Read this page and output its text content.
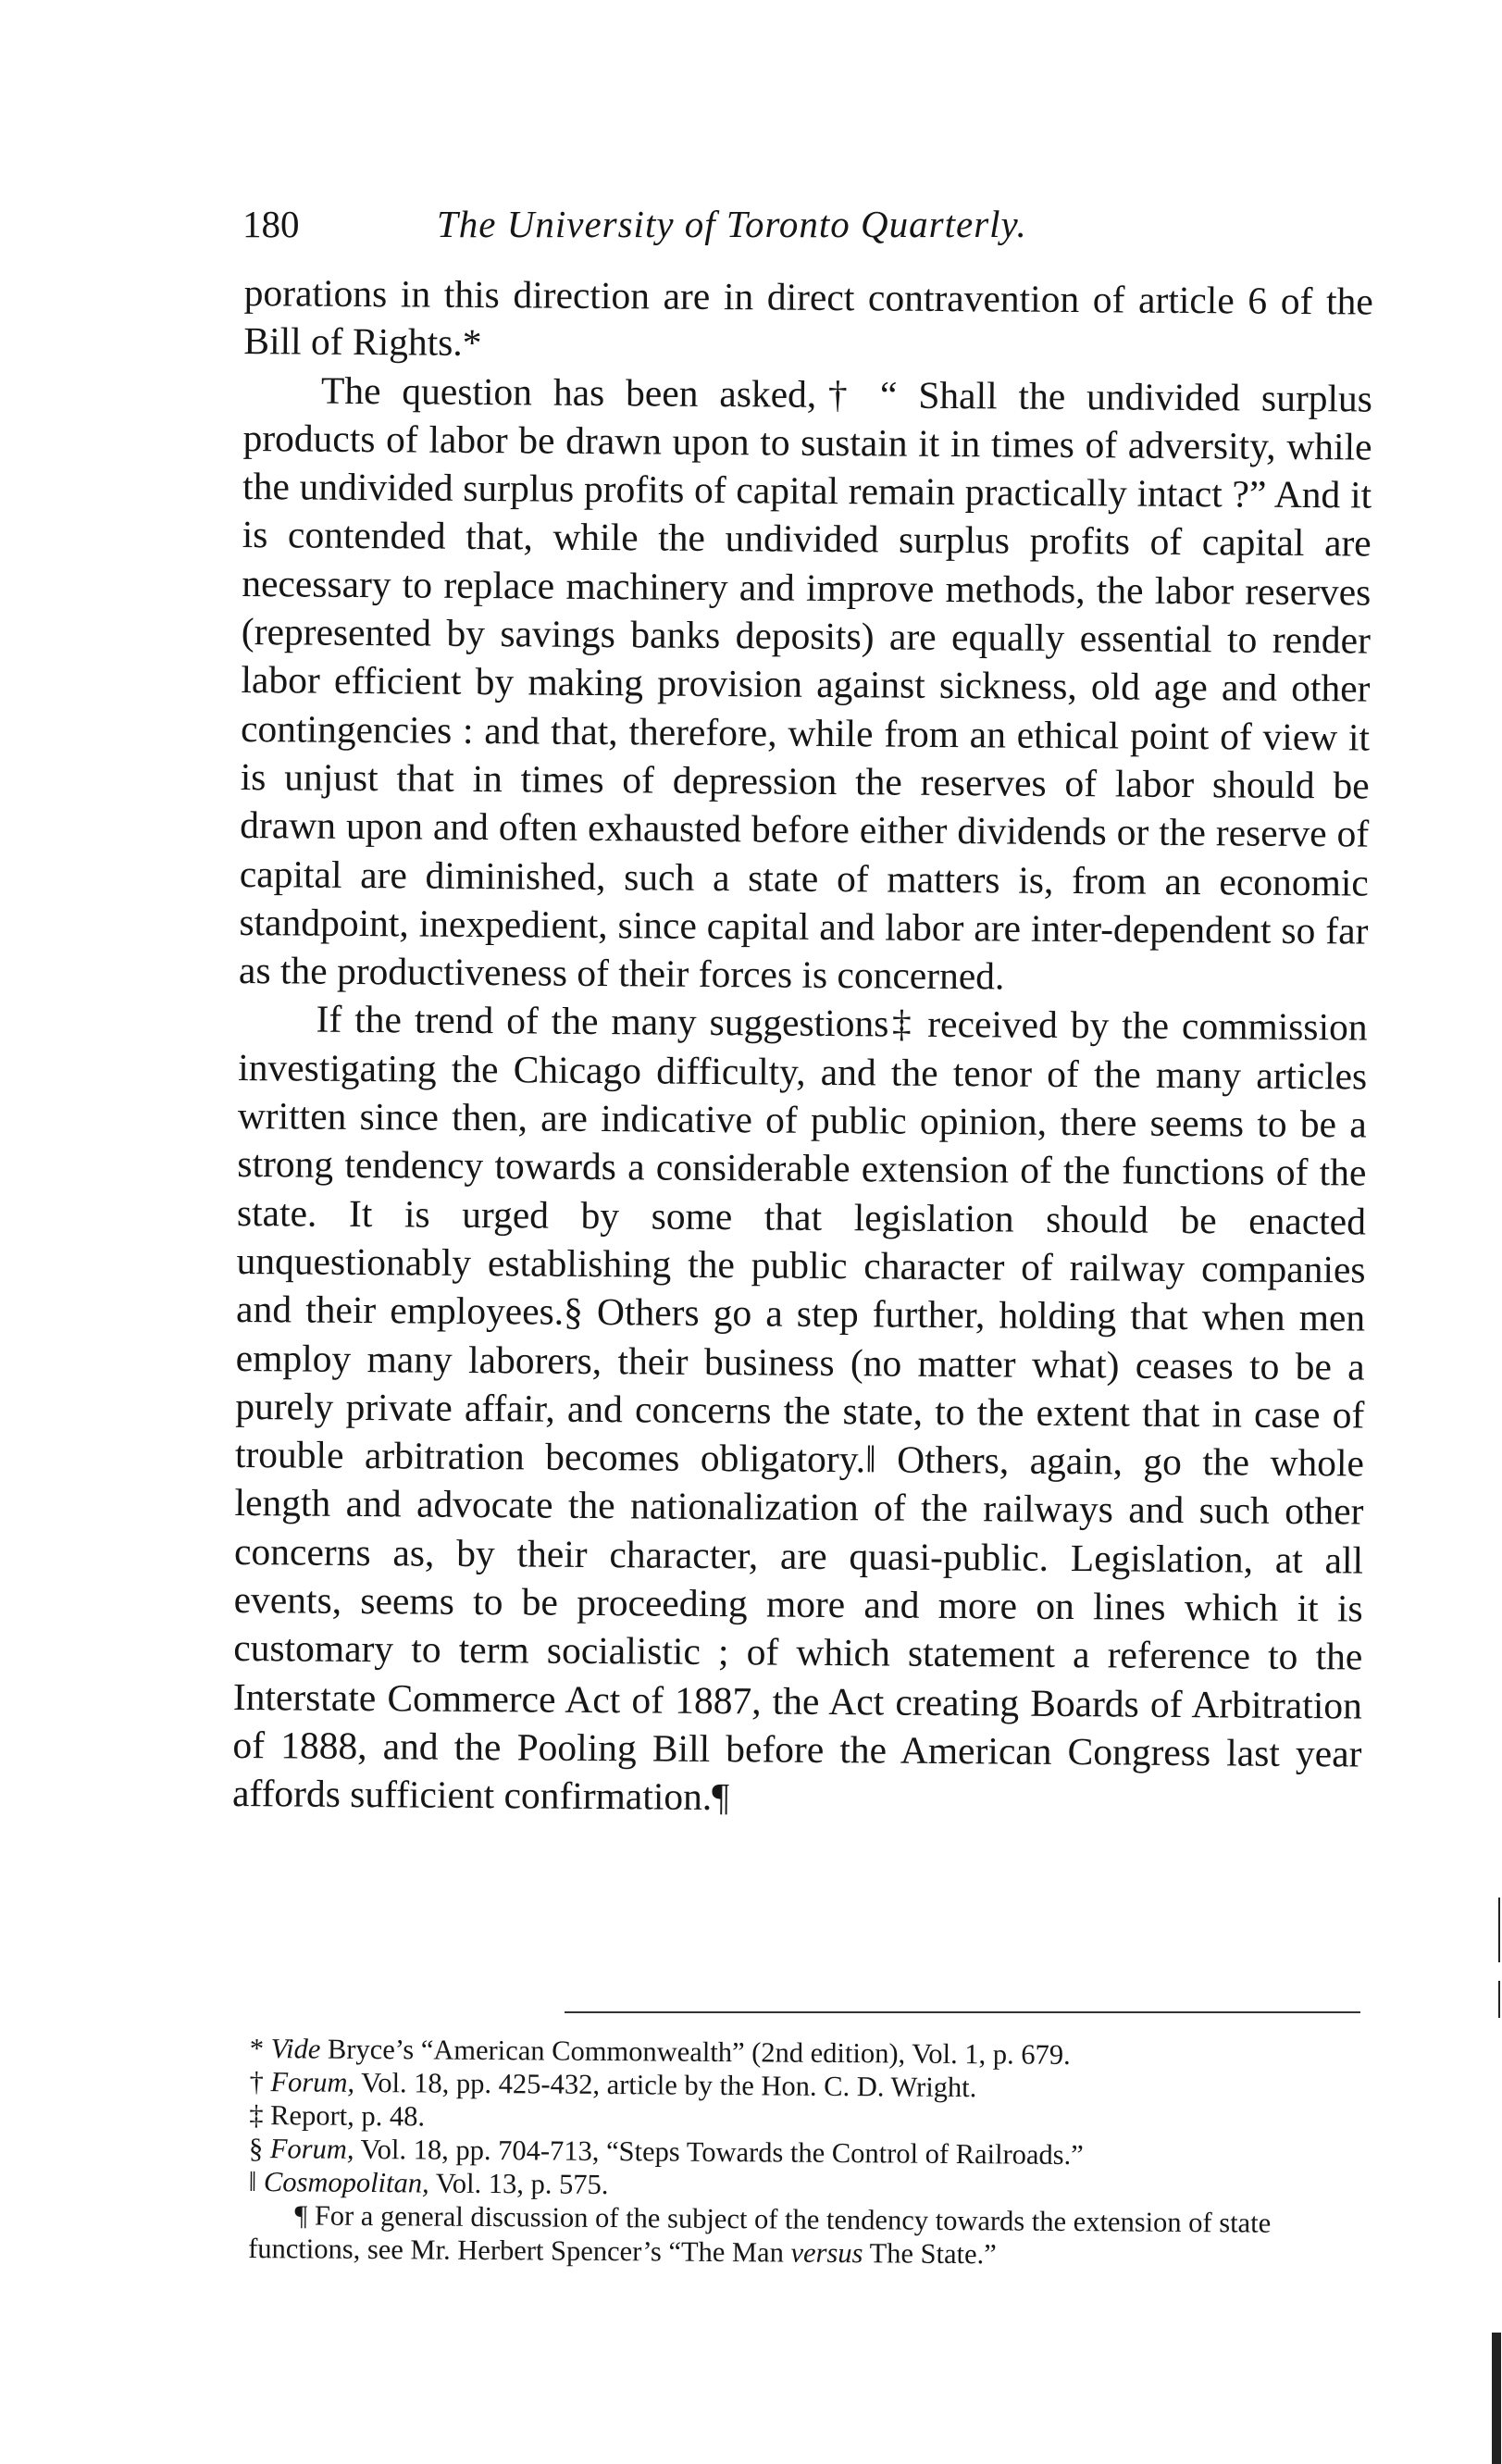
180	The University of Toronto Quarterly.

porations in this direction are in direct contravention of article 6 of the Bill of Rights.*

The question has been asked,† “ Shall the undivided surplus products of labor be drawn upon to sustain it in times of adversity, while the undivided surplus profits of capital remain practically intact ?” And it is contended that, while the undivided surplus profits of capital are necessary to replace machinery and improve methods, the labor reserves (represented by savings banks deposits) are equally essential to render labor efficient by making provision against sickness, old age and other contingencies : and that, therefore, while from an ethical point of view it is unjust that in times of depression the reserves of labor should be drawn upon and often exhausted before either dividends or the reserve of capital are diminished, such a state of matters is, from an economic standpoint, inexpedient, since capital and labor are inter-dependent so far as the productiveness of their forces is concerned.

If the trend of the many suggestions‡ received by the commission investigating the Chicago difficulty, and the tenor of the many articles written since then, are indicative of public opinion, there seems to be a strong tendency towards a considerable extension of the functions of the state. It is urged by some that legislation should be enacted unquestionably establishing the public character of railway companies and their employees.§ Others go a step further, holding that when men employ many laborers, their business (no matter what) ceases to be a purely private affair, and concerns the state, to the extent that in case of trouble arbitration becomes obligatory.‖ Others, again, go the whole length and advocate the nationalization of the railways and such other concerns as, by their character, are quasi-public. Legislation, at all events, seems to be proceeding more and more on lines which it is customary to term socialistic ; of which statement a reference to the Interstate Commerce Act of 1887, the Act creating Boards of Arbitration of 1888, and the Pooling Bill before the American Congress last year affords sufficient confirmation.¶

* Vide Bryce’s “American Commonwealth” (2nd edition), Vol. 1, p. 679.

† Forum, Vol. 18, pp. 425-432, article by the Hon. C. D. Wright.

‡ Report, p. 48.

§ Forum, Vol. 18, pp. 704-713, “Steps Towards the Control of Railroads.”

‖ Cosmopolitan, Vol. 13, p. 575.

¶ For a general discussion of the subject of the tendency towards the extension of state functions, see Mr. Herbert Spencer’s “The Man versus The State.”
